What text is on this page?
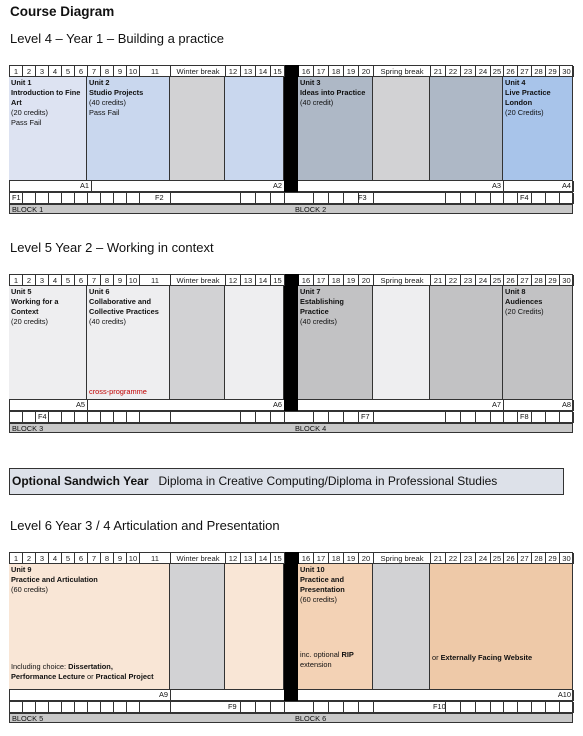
Course Diagram
Level 4 – Year 1 – Building a practice
1	2	3	4	5	6	7	8	9 10	11	12 13 14 15	16 17 18 19 20	21 22 23 24 25 26 27 28 29 30
Winter break	Spring break
Unit 1
Introduction to Fine
Art
(20 credits)
Pass Fail
Unit 2
Studio Projects
(40 credits)
Pass Fail
Unit 3
Ideas into Practice
(40 credit)
Unit 4
Live Practice
London
(20 Credits)
A1	A2	A3	A4
F1	F2	F3	F4
BLOCK 1	BLOCK 2
Level 5 Year 2 – Working in context
1	2	3	4	5	6	7	8	9 10	11	12 13 14 15	16 17 18 19 20	21 22 23 24 25 26 27 28 29 30
Winter break	Spring break
Unit 5
Working for a
Context
(20 credits)
Unit 6
Collaborative and
Collective Practices
(40 credits)
cross-programme
Unit 7
Establishing
Practice
(40 credits)
Unit 8
Audiences
(20 Credits)
A5	A6	A7	A8
F4	F7	F8
BLOCK 3	BLOCK 4
Optional Sandwich Year Diploma in Creative Computing/Diploma in Professional Studies
Level 6 Year 3 / 4 Articulation and Presentation
1	2	3	4	5	6	7	8	9 10	11	12 13 14 15	16 17 18 19 20	21 22 23 24 25 26 27 28 29 30
Winter break	Spring break
Unit 9
Practice and Articulation
(60 credits)
Including choice: Dissertation,
Performance Lecture or Practical Project
Unit 10
Practice and
Presentation
(60 credits)
inc. optional RIP
extension
or Externally Facing Website
A9	A10
F9	F10
BLOCK 5	BLOCK 6
